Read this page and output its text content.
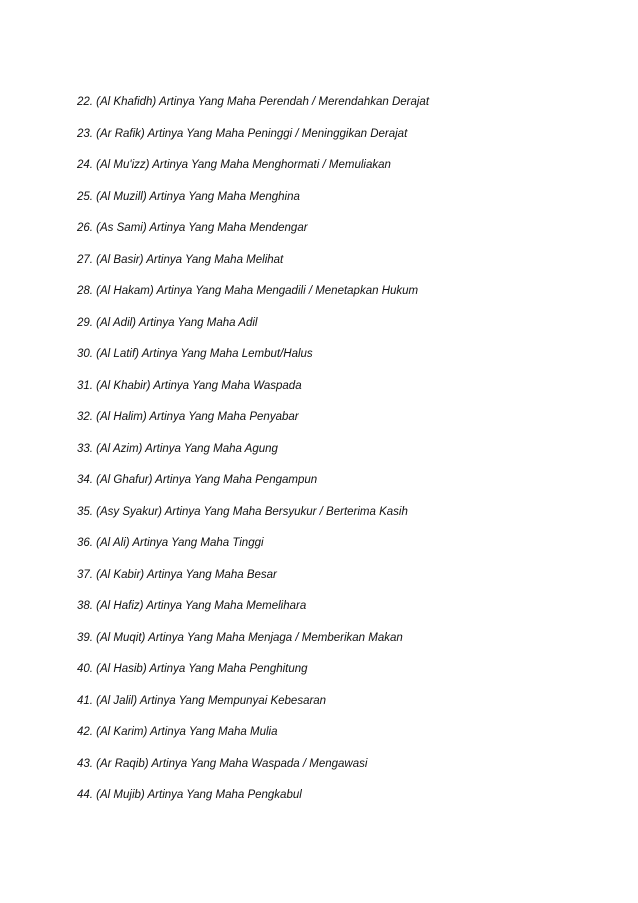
22. (Al Khafidh) Artinya Yang Maha Perendah / Merendahkan Derajat
23. (Ar Rafik) Artinya Yang Maha Peninggi / Meninggikan Derajat
24. (Al Mu'izz) Artinya Yang Maha Menghormati / Memuliakan
25. (Al Muzill) Artinya Yang Maha Menghina
26. (As Sami) Artinya Yang Maha Mendengar
27. (Al Basir) Artinya Yang Maha Melihat
28. (Al Hakam) Artinya Yang Maha Mengadili / Menetapkan Hukum
29. (Al Adil) Artinya Yang Maha Adil
30. (Al Latif) Artinya Yang Maha Lembut/Halus
31. (Al Khabir) Artinya Yang Maha Waspada
32. (Al Halim) Artinya Yang Maha Penyabar
33. (Al Azim) Artinya Yang Maha Agung
34. (Al Ghafur) Artinya Yang Maha Pengampun
35. (Asy Syakur) Artinya Yang Maha Bersyukur / Berterima Kasih
36. (Al Ali) Artinya Yang Maha Tinggi
37. (Al Kabir) Artinya Yang Maha Besar
38. (Al Hafiz) Artinya Yang Maha Memelihara
39. (Al Muqit) Artinya Yang Maha Menjaga / Memberikan Makan
40. (Al Hasib) Artinya Yang Maha Penghitung
41. (Al Jalil) Artinya Yang Mempunyai Kebesaran
42. (Al Karim) Artinya Yang Maha Mulia
43. (Ar Raqib) Artinya Yang Maha Waspada / Mengawasi
44. (Al Mujib) Artinya Yang Maha Pengkabul
